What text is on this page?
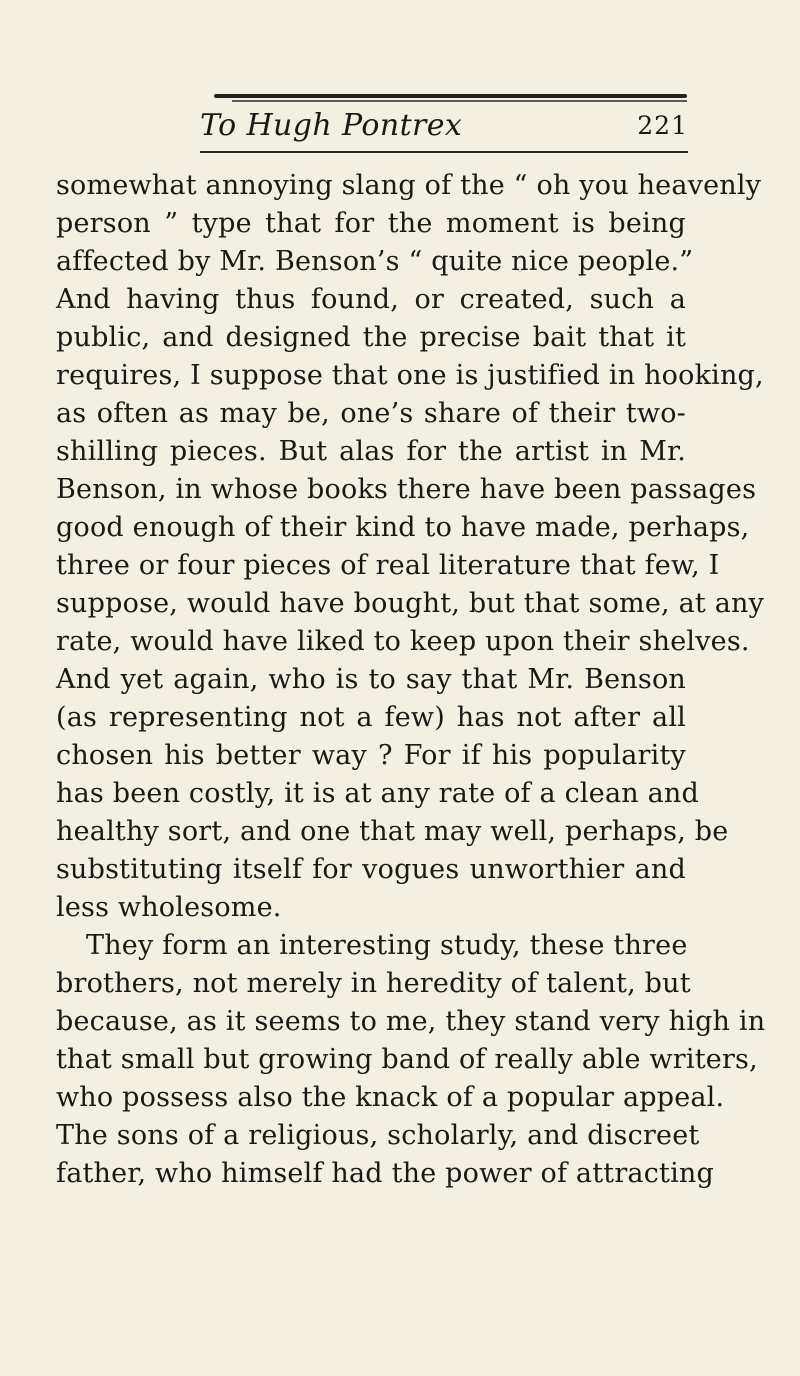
To Hugh Pontrex	221
somewhat annoying slang of the “ oh you heavenly
person ” type that for the moment is being
affected by Mr. Benson’s “ quite nice people.”
And having thus found, or created, such a
public, and designed the precise bait that it
requires, I suppose that one is justified in hooking,
as often as may be, one’s share of their two-
shilling pieces. But alas for the artist in Mr.
Benson, in whose books there have been passages
good enough of their kind to have made, perhaps,
three or four pieces of real literature that few, I
suppose, would have bought, but that some, at any
rate, would have liked to keep upon their shelves.
And yet again, who is to say that Mr. Benson
(as representing not a few) has not after all
chosen his better way ? For if his popularity
has been costly, it is at any rate of a clean and
healthy sort, and one that may well, perhaps, be
substituting itself for vogues unworthier and
less wholesome.
They form an interesting study, these three
brothers, not merely in heredity of talent, but
because, as it seems to me, they stand very high in
that small but growing band of really able writers,
who possess also the knack of a popular appeal.
The sons of a religious, scholarly, and discreet
father, who himself had the power of attracting
